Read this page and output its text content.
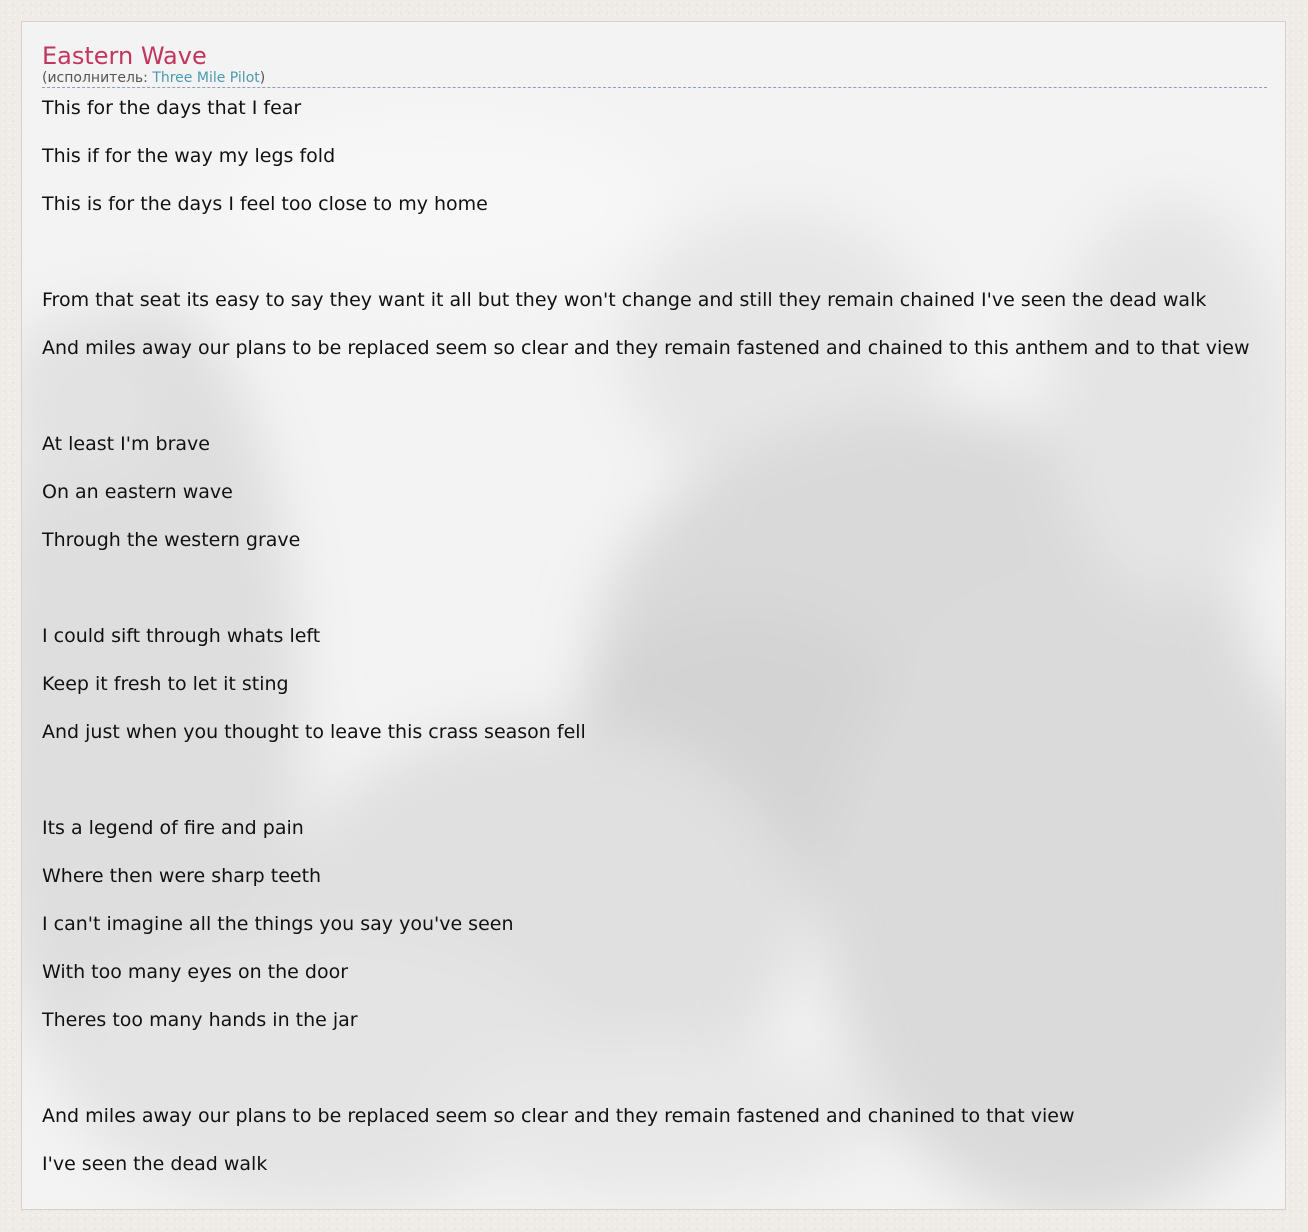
Eastern Wave
(исполнитель: Three Mile Pilot)
This for the days that I fear
This if for the way my legs fold
This is for the days I feel too close to my home
From that seat its easy to say they want it all but they won't change and still they remain chained I've seen the dead walk
And miles away our plans to be replaced seem so clear and they remain fastened and chained to this anthem and to that view
At least I'm brave
On an eastern wave
Through the western grave
I could sift through whats left
Keep it fresh to let it sting
And just when you thought to leave this crass season fell
Its a legend of fire and pain
Where then were sharp teeth
I can't imagine all the things you say you've seen
With too many eyes on the door
Theres too many hands in the jar
And miles away our plans to be replaced seem so clear and they remain fastened and chanined to that view
I've seen the dead walk
